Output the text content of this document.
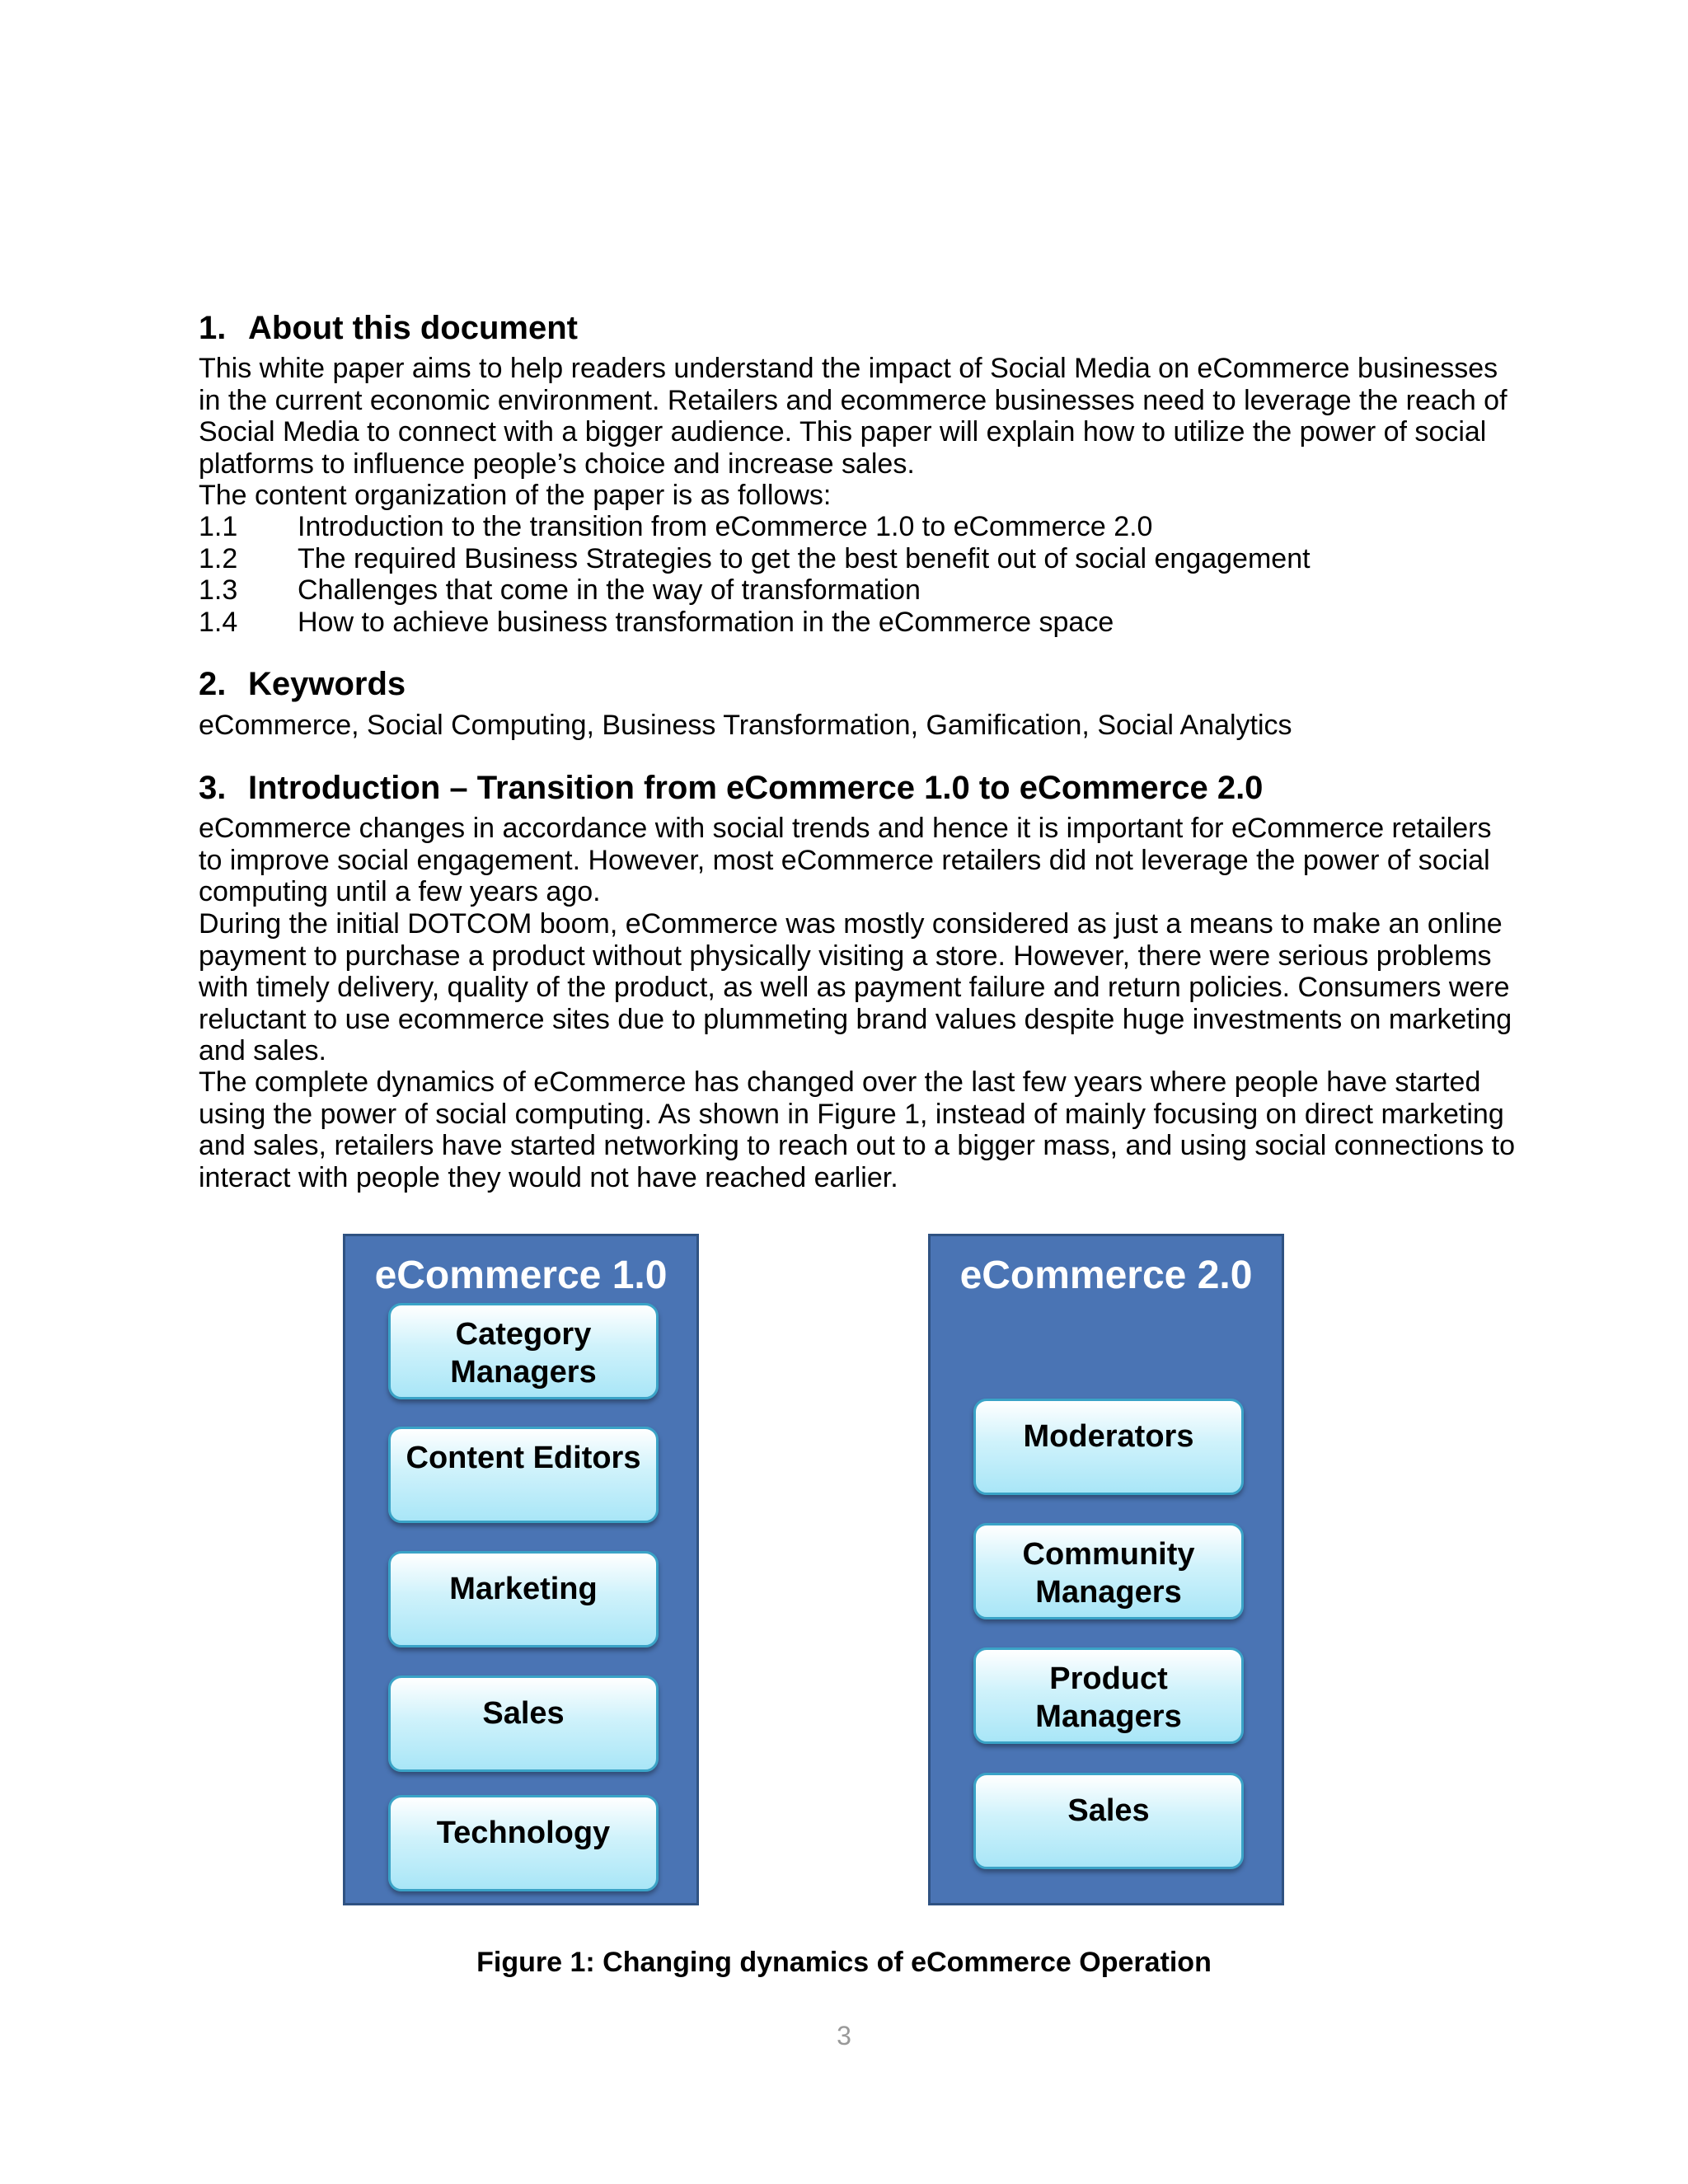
1. About this document
This white paper aims to help readers understand the impact of Social Media on eCommerce businesses in the current economic environment. Retailers and ecommerce businesses need to leverage the reach of Social Media to connect with a bigger audience. This paper will explain how to utilize the power of social platforms to influence people’s choice and increase sales.
The content organization of the paper is as follows:
1.1 Introduction to the transition from eCommerce 1.0 to eCommerce 2.0
1.2 The required Business Strategies to get the best benefit out of social engagement
1.3 Challenges that come in the way of transformation
1.4 How to achieve business transformation in the eCommerce space
2. Keywords
eCommerce, Social Computing, Business Transformation, Gamification, Social Analytics
3. Introduction – Transition from eCommerce 1.0 to eCommerce 2.0
eCommerce changes in accordance with social trends and hence it is important for eCommerce retailers to improve social engagement. However, most eCommerce retailers did not leverage the power of social computing until a few years ago.
During the initial DOTCOM boom, eCommerce was mostly considered as just a means to make an online payment to purchase a product without physically visiting a store. However, there were serious problems with timely delivery, quality of the product, as well as payment failure and return policies. Consumers were reluctant to use ecommerce sites due to plummeting brand values despite huge investments on marketing and sales.
The complete dynamics of eCommerce has changed over the last few years where people have started using the power of social computing. As shown in Figure 1, instead of mainly focusing on direct marketing and sales, retailers have started networking to reach out to a bigger mass, and using social connections to interact with people they would not have reached earlier.
eCommerce 1.0
Category Managers
Content Editors
Marketing
Sales
Technology
eCommerce 2.0
Moderators
Community Managers
Product Managers
Sales
Figure 1: Changing dynamics of eCommerce Operation
3
